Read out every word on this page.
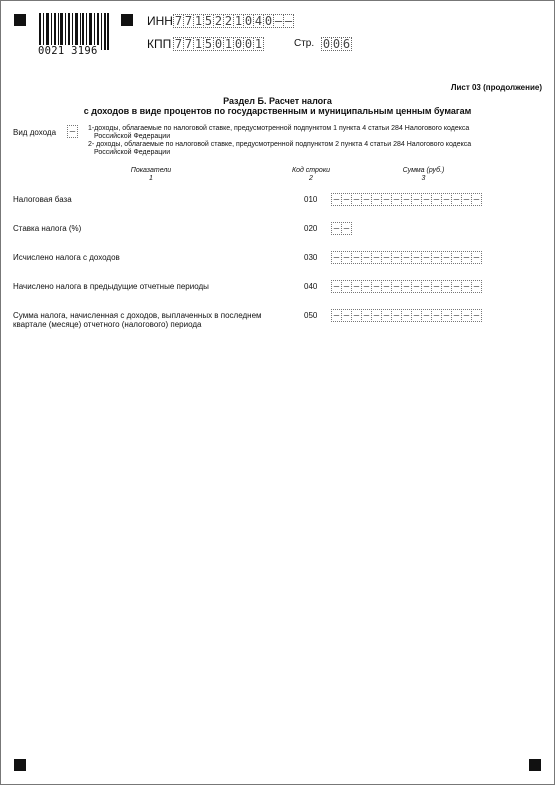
0021 3196
ИНН 7 7 1 5 2 2 1 0 4 0 – –
КПП 7 7 1 5 0 1 0 0 1	Стр. 0 0 6
Лист 03 (продолжение)
Раздел Б. Расчет налога
с доходов в виде процентов по государственным и муниципальным ценным бумагам
Вид дохода	–	1-доходы, облагаемые по налоговой ставке, предусмотренной подпунктом 1 пункта 4 статьи 284 Налогового кодекса
Российской Федерации
2- доходы, облагаемые по налоговой ставке, предусмотренной подпунктом 2 пункта 4 статьи 284 Налогового кодекса
Российской Федерации
Показатели
1
Код строки
2
Сумма (руб.)
3
Налоговая база	010	– – – – – – – – – – – – – – –
Ставка налога (%)	020	– –
Исчислено налога с доходов	030	– – – – – – – – – – – – – – –
Начислено налога в предыдущие отчетные периоды	040	– – – – – – – – – – – – – – –
Сумма налога, начисленная с доходов, выплаченных в последнем
квартале (месяце) отчетного (налогового) периода
050	– – – – – – – – – – – – – – –
